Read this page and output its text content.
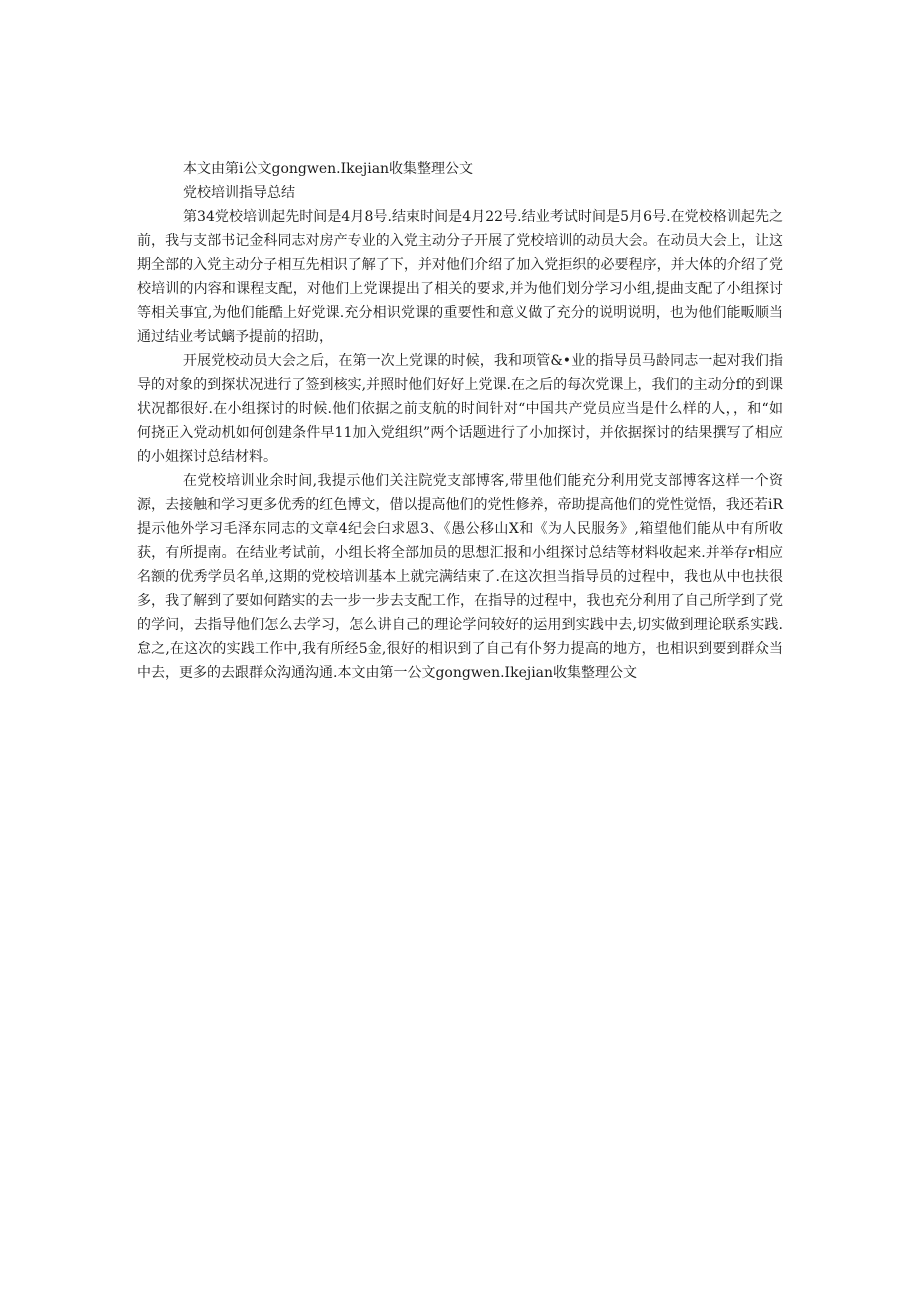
本文由第i公文gongwen.Ikejian收集整理公文

党校培训指导总结

第34党校培训起先时间是4月8号.结束时间是4月22号.结业考试时间是5月6号.在党校格训起先之前，我与支部书记金科同志对房产专业的入党主动分子开展了党校培训的动员大会。在动员大会上，让这期全部的入党主动分子相互先相识了解了下，并对他们介绍了加入党拒织的必要程序，并大体的介绍了党校培训的内容和课程支配，对他们上党课提出了相关的要求,并为他们划分学习小组,提曲支配了小组探讨等相关事宜,为他们能酷上好党课.充分相识党课的重要性和意义做了充分的说明说明，也为他们能畈顺当通过结业考试螭予提前的招助，

开展党校动员大会之后，在第一次上党课的时候，我和项管&•业的指导员马龄同志一起对我们指导的对象的到探状况进行了签到核实,并照时他们好好上党课.在之后的每次党课上，我们的主动分f的到课状况都很好.在小组探讨的时候.他们依据之前支航的时间针对“中国共产党员应当是什么样的人，，和“如何挠正入党动机如何创建条件早11加入党组织”两个话题进行了小加探讨，并依据探讨的结果撰写了相应的小姐探讨总结材料。

在党校培训业余时间,我提示他们关注院党支部博客,带里他们能充分利用党支部博客这样一个资源，去接触和学习更多优秀的红色博文，借以提高他们的党性修养，帝助提高他们的党性觉悟，我还若iR提示他外学习毛泽东同志的文章4纪会臼求恩3、《愚公移山X和《为人民服务》,箱望他们能从中有所收获，有所提南。在结业考试前，小组长将全部加员的思想汇报和小组探讨总结等材料收起来.并举存r相应名额的优秀学员名单,这期的党校培训基本上就完满结束了.在这次担当指导员的过程中，我也从中也扶很多，我了解到了要如何踏实的去一步一步去支配工作，在指导的过程中，我也充分利用了自己所学到了党的学问，去指导他们怎么去学习，怎么讲自己的理论学问较好的运用到实践中去,切实做到理论联系实践.怠之,在这次的实践工作中,我有所经5金,很好的相识到了自己有仆努力提高的地方，也相识到要到群众当中去，更多的去跟群众沟通沟通.本文由第一公文gongwen.Ikejian收集整理公文
